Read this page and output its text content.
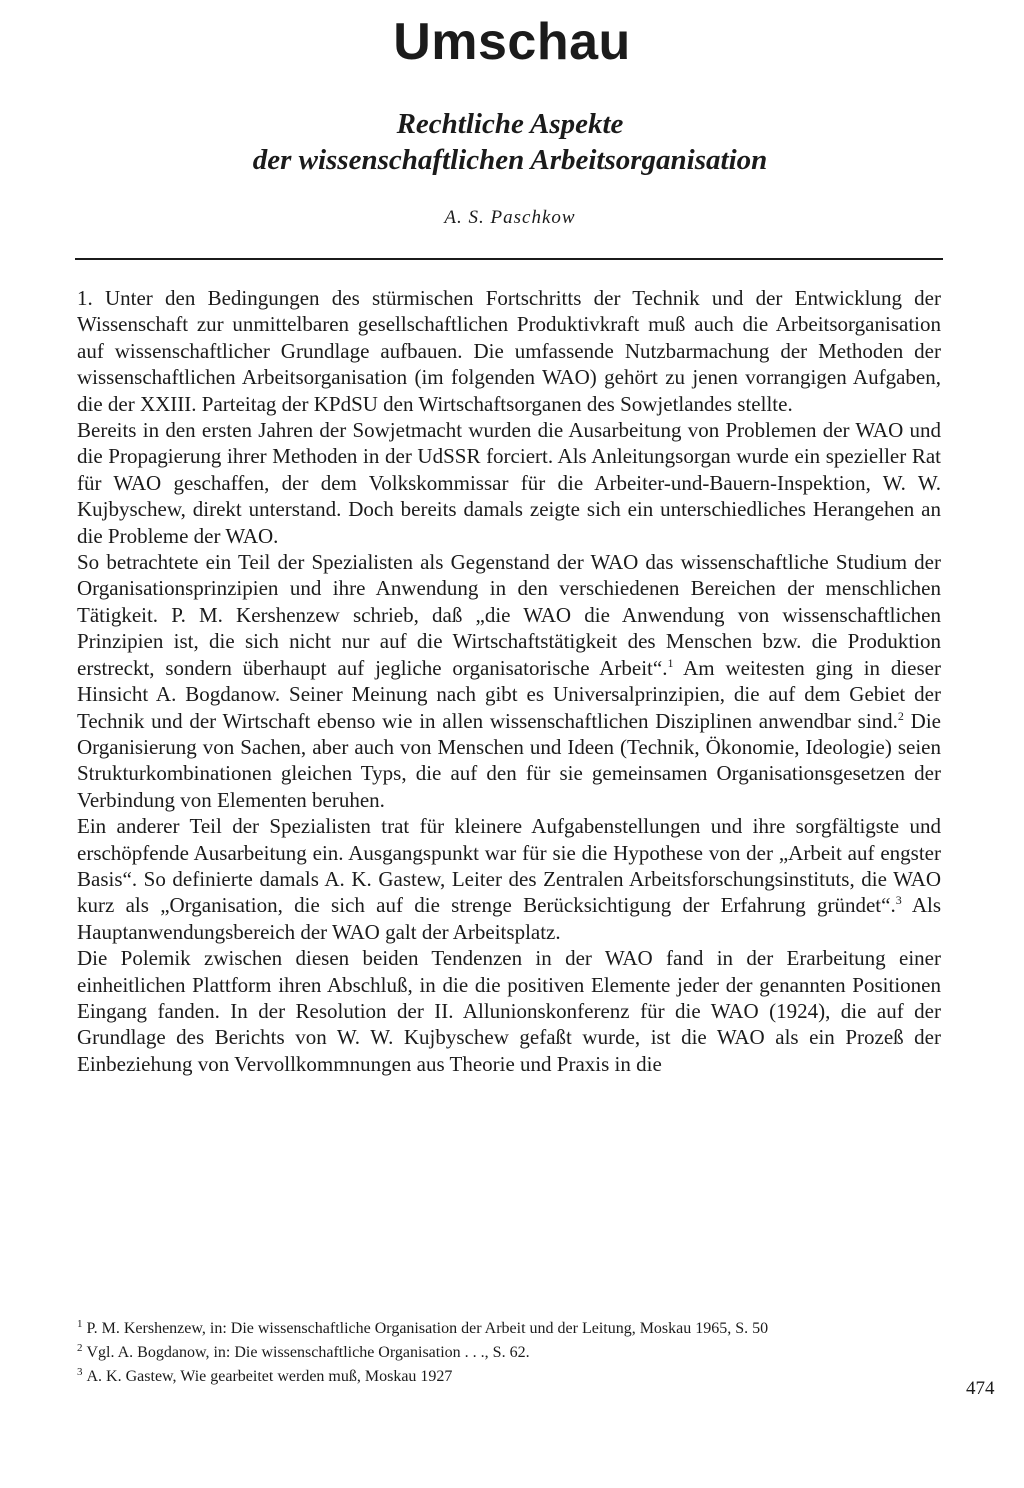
Umschau
Rechtliche Aspekte
der wissenschaftlichen Arbeitsorganisation

A. S. Paschkow

1. Unter den Bedingungen des stürmischen Fortschritts der Technik und der Entwicklung der Wissenschaft zur unmittelbaren gesellschaftlichen Produktivkraft muß auch die Arbeitsorganisation auf wissenschaftlicher Grundlage aufbauen. Die umfassende Nutzbarmachung der Methoden der wissenschaftlichen Arbeitsorganisation (im folgenden WAO) gehört zu jenen vorrangigen Aufgaben, die der XXIII. Parteitag der KPdSU den Wirtschaftsorganen des Sowjetlandes stellte.

Bereits in den ersten Jahren der Sowjetmacht wurden die Ausarbeitung von Problemen der WAO und die Propagierung ihrer Methoden in der UdSSR forciert. Als Anleitungsorgan wurde ein spezieller Rat für WAO geschaffen, der dem Volkskommissar für die Arbeiter-und-Bauern-Inspektion, W. W. Kujbyschew, direkt unterstand. Doch bereits damals zeigte sich ein unterschiedliches Herangehen an die Probleme der WAO.

So betrachtete ein Teil der Spezialisten als Gegenstand der WAO das wissenschaftliche Studium der Organisationsprinzipien und ihre Anwendung in den verschiedenen Bereichen der menschlichen Tätigkeit. P. M. Kershenzew schrieb, daß „die WAO die Anwendung von wissenschaftlichen Prinzipien ist, die sich nicht nur auf die Wirtschaftstätigkeit des Menschen bzw. die Produktion erstreckt, sondern überhaupt auf jegliche organisatorische Arbeit“.$^1$ Am weitesten ging in dieser Hinsicht A. Bogdanow. Seiner Meinung nach gibt es Universalprinzipien, die auf dem Gebiet der Technik und der Wirtschaft ebenso wie in allen wissenschaftlichen Disziplinen anwendbar sind.$^2$ Die Organisierung von Sachen, aber auch von Menschen und Ideen (Technik, Ökonomie, Ideologie) seien Strukturkombinationen gleichen Typs, die auf den für sie gemeinsamen Organisationsgesetzen der Verbindung von Elementen beruhen.

Ein anderer Teil der Spezialisten trat für kleinere Aufgabenstellungen und ihre sorgfältigste und erschöpfende Ausarbeitung ein. Ausgangspunkt war für sie die Hypothese von der „Arbeit auf engster Basis“. So definierte damals A. K. Gastew, Leiter des Zentralen Arbeitsforschungsinstituts, die WAO kurz als „Organisation, die sich auf die strenge Berücksichtigung der Erfahrung gründet“.$^3$ Als Hauptanwendungsbereich der WAO galt der Arbeitsplatz.

Die Polemik zwischen diesen beiden Tendenzen in der WAO fand in der Erarbeitung einer einheitlichen Plattform ihren Abschluß, in die die positiven Elemente jeder der genannten Positionen Eingang fanden. In der Resolution der II. Allunionskonferenz für die WAO (1924), die auf der Grundlage des Berichts von W. W. Kujbyschew gefaßt wurde, ist die WAO als ein Prozeß der Einbeziehung von Vervollkommnungen aus Theorie und Praxis in die

$^1$ P. M. Kershenzew, in: Die wissenschaftliche Organisation der Arbeit und der Leitung, Moskau 1965, S. 50

$^2$ Vgl. A. Bogdanow, in: Die wissenschaftliche Organisation . . ., S. 62.

$^3$ A. K. Gastew, Wie gearbeitet werden muß, Moskau 1927

474
